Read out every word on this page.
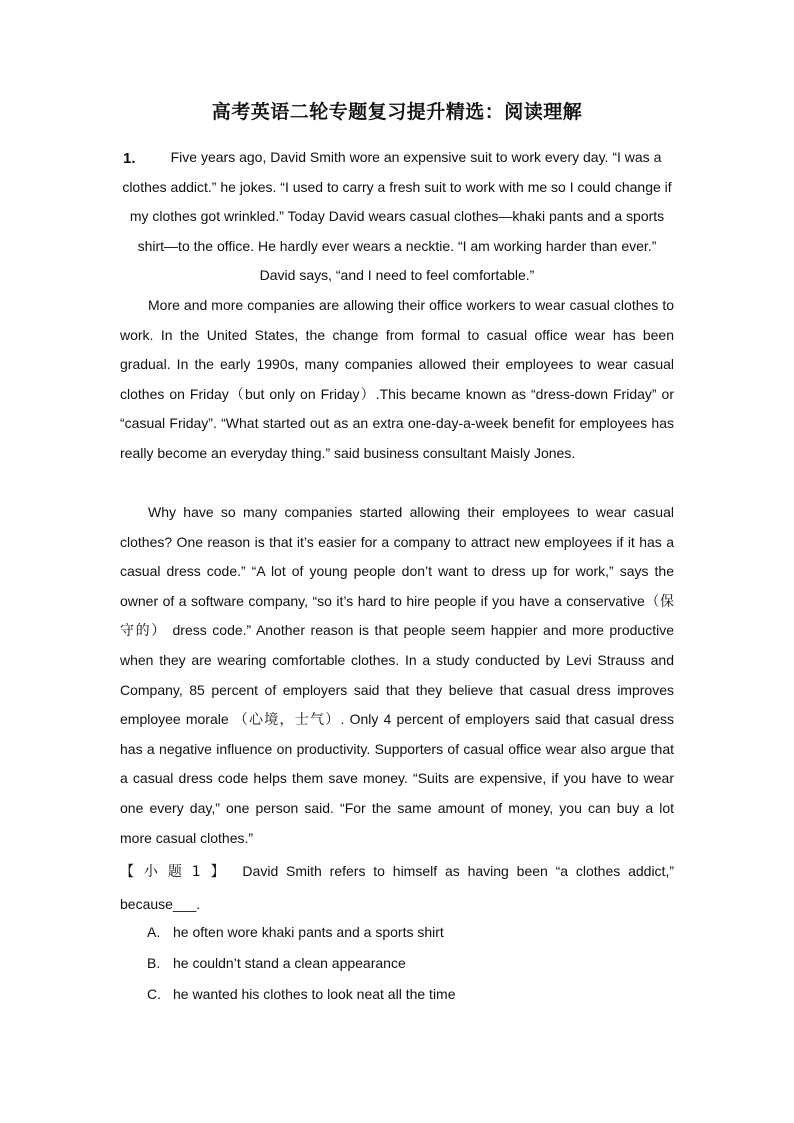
高考英语二轮专题复习提升精选：阅读理解
1.	Five years ago, David Smith wore an expensive suit to work every day. “I was a clothes addict.” he jokes. “I used to carry a fresh suit to work with me so I could change if my clothes got wrinkled.” Today David wears casual clothes—khaki pants and a sports shirt—to the office. He hardly ever wears a necktie. “I am working harder than ever.” David says, “and I need to feel comfortable.”

More and more companies are allowing their office workers to wear casual clothes to work. In the United States, the change from formal to casual office wear has been gradual. In the early 1990s, many companies allowed their employees to wear casual clothes on Friday（but only on Friday）.This became known as “dress-down Friday” or “casual Friday”. “What started out as an extra one-day-a-week benefit for employees has really become an everyday thing.” said business consultant Maisly Jones.

Why have so many companies started allowing their employees to wear casual clothes? One reason is that it’s easier for a company to attract new employees if it has a casual dress code.” “A lot of young people don’t want to dress up for work,” says the owner of a software company, “so it’s hard to hire people if you have a conservative（保守的） dress code.” Another reason is that people seem happier and more productive when they are wearing comfortable clothes. In a study conducted by Levi Strauss and Company, 85 percent of employers said that they believe that casual dress improves employee morale （心境，士气）. Only 4 percent of employers said that casual dress has a negative influence on productivity. Supporters of casual office wear also argue that a casual dress code helps them save money. “Suits are expensive, if you have to wear one every day,” one person said. “For the same amount of money, you can buy a lot more casual clothes.”

【小题1】 David Smith refers to himself as having been “a clothes addict,” because___.

A. he often wore khaki pants and a sports shirt
B. he couldn’t stand a clean appearance
C. he wanted his clothes to look neat all the time
